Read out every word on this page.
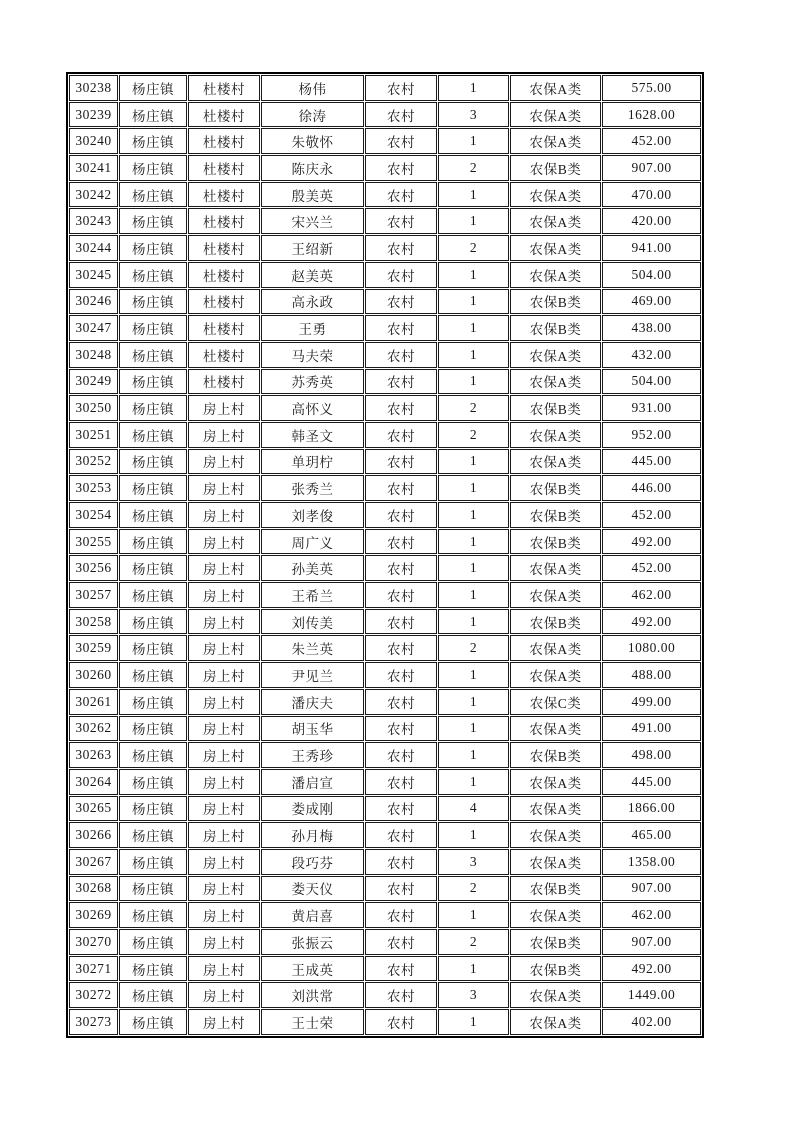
30238	杨庄镇	杜楼村	杨伟	农村	1	农保A类	575.00
30239	杨庄镇	杜楼村	徐涛	农村	3	农保A类	1628.00
30240	杨庄镇	杜楼村	朱敬怀	农村	1	农保A类	452.00
30241	杨庄镇	杜楼村	陈庆永	农村	2	农保B类	907.00
30242	杨庄镇	杜楼村	殷美英	农村	1	农保A类	470.00
30243	杨庄镇	杜楼村	宋兴兰	农村	1	农保A类	420.00
30244	杨庄镇	杜楼村	王绍新	农村	2	农保A类	941.00
30245	杨庄镇	杜楼村	赵美英	农村	1	农保A类	504.00
30246	杨庄镇	杜楼村	高永政	农村	1	农保B类	469.00
30247	杨庄镇	杜楼村	王勇	农村	1	农保B类	438.00
30248	杨庄镇	杜楼村	马夫荣	农村	1	农保A类	432.00
30249	杨庄镇	杜楼村	苏秀英	农村	1	农保A类	504.00
30250	杨庄镇	房上村	高怀义	农村	2	农保B类	931.00
30251	杨庄镇	房上村	韩圣文	农村	2	农保A类	952.00
30252	杨庄镇	房上村	单玥柠	农村	1	农保A类	445.00
30253	杨庄镇	房上村	张秀兰	农村	1	农保B类	446.00
30254	杨庄镇	房上村	刘孝俊	农村	1	农保B类	452.00
30255	杨庄镇	房上村	周广义	农村	1	农保B类	492.00
30256	杨庄镇	房上村	孙美英	农村	1	农保A类	452.00
30257	杨庄镇	房上村	王希兰	农村	1	农保A类	462.00
30258	杨庄镇	房上村	刘传美	农村	1	农保B类	492.00
30259	杨庄镇	房上村	朱兰英	农村	2	农保A类	1080.00
30260	杨庄镇	房上村	尹见兰	农村	1	农保A类	488.00
30261	杨庄镇	房上村	潘庆夫	农村	1	农保C类	499.00
30262	杨庄镇	房上村	胡玉华	农村	1	农保A类	491.00
30263	杨庄镇	房上村	王秀珍	农村	1	农保B类	498.00
30264	杨庄镇	房上村	潘启宣	农村	1	农保A类	445.00
30265	杨庄镇	房上村	娄成刚	农村	4	农保A类	1866.00
30266	杨庄镇	房上村	孙月梅	农村	1	农保A类	465.00
30267	杨庄镇	房上村	段巧芬	农村	3	农保A类	1358.00
30268	杨庄镇	房上村	娄天仪	农村	2	农保B类	907.00
30269	杨庄镇	房上村	黄启喜	农村	1	农保A类	462.00
30270	杨庄镇	房上村	张振云	农村	2	农保B类	907.00
30271	杨庄镇	房上村	王成英	农村	1	农保B类	492.00
30272	杨庄镇	房上村	刘洪常	农村	3	农保A类	1449.00
30273	杨庄镇	房上村	王士荣	农村	1	农保A类	402.00
